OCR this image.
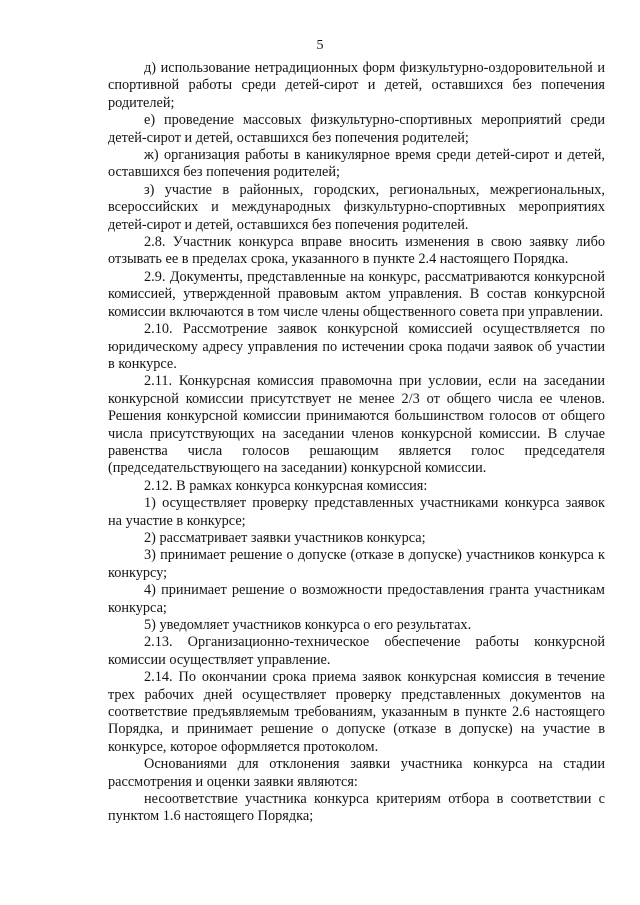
5

д) использование нетрадиционных форм физкультурно-оздоровительной и спортивной работы среди детей-сирот и детей, оставшихся без попечения родителей;

е) проведение массовых физкультурно-спортивных мероприятий среди детей-сирот и детей, оставшихся без попечения родителей;

ж) организация работы в каникулярное время среди детей-сирот и детей, оставшихся без попечения родителей;

з) участие в районных, городских, региональных, межрегиональных, всероссийских и международных физкультурно-спортивных мероприятиях детей-сирот и детей, оставшихся без попечения родителей.

2.8. Участник конкурса вправе вносить изменения в свою заявку либо отзывать ее в пределах срока, указанного в пункте 2.4 настоящего Порядка.

2.9. Документы, представленные на конкурс, рассматриваются конкурсной комиссией, утвержденной правовым актом управления. В состав конкурсной комиссии включаются в том числе члены общественного совета при управлении.

2.10. Рассмотрение заявок конкурсной комиссией осуществляется по юридическому адресу управления по истечении срока подачи заявок об участии в конкурсе.

2.11. Конкурсная комиссия правомочна при условии, если на заседании конкурсной комиссии присутствует не менее 2/3 от общего числа ее членов. Решения конкурсной комиссии принимаются большинством голосов от общего числа присутствующих на заседании членов конкурсной комиссии. В случае равенства числа голосов решающим является голос председателя (председательствующего на заседании) конкурсной комиссии.

2.12. В рамках конкурса конкурсная комиссия:

1) осуществляет проверку представленных участниками конкурса заявок на участие в конкурсе;

2) рассматривает заявки участников конкурса;

3) принимает решение о допуске (отказе в допуске) участников конкурса к конкурсу;

4) принимает решение о возможности предоставления гранта участникам конкурса;

5) уведомляет участников конкурса о его результатах.

2.13. Организационно-техническое обеспечение работы конкурсной комиссии осуществляет управление.

2.14. По окончании срока приема заявок конкурсная комиссия в течение трех рабочих дней осуществляет проверку представленных документов на соответствие предъявляемым требованиям, указанным в пункте 2.6 настоящего Порядка, и принимает решение о допуске (отказе в допуске) на участие в конкурсе, которое оформляется протоколом.

Основаниями для отклонения заявки участника конкурса на стадии рассмотрения и оценки заявки являются:

несоответствие участника конкурса критериям отбора в соответствии с пунктом 1.6 настоящего Порядка;
